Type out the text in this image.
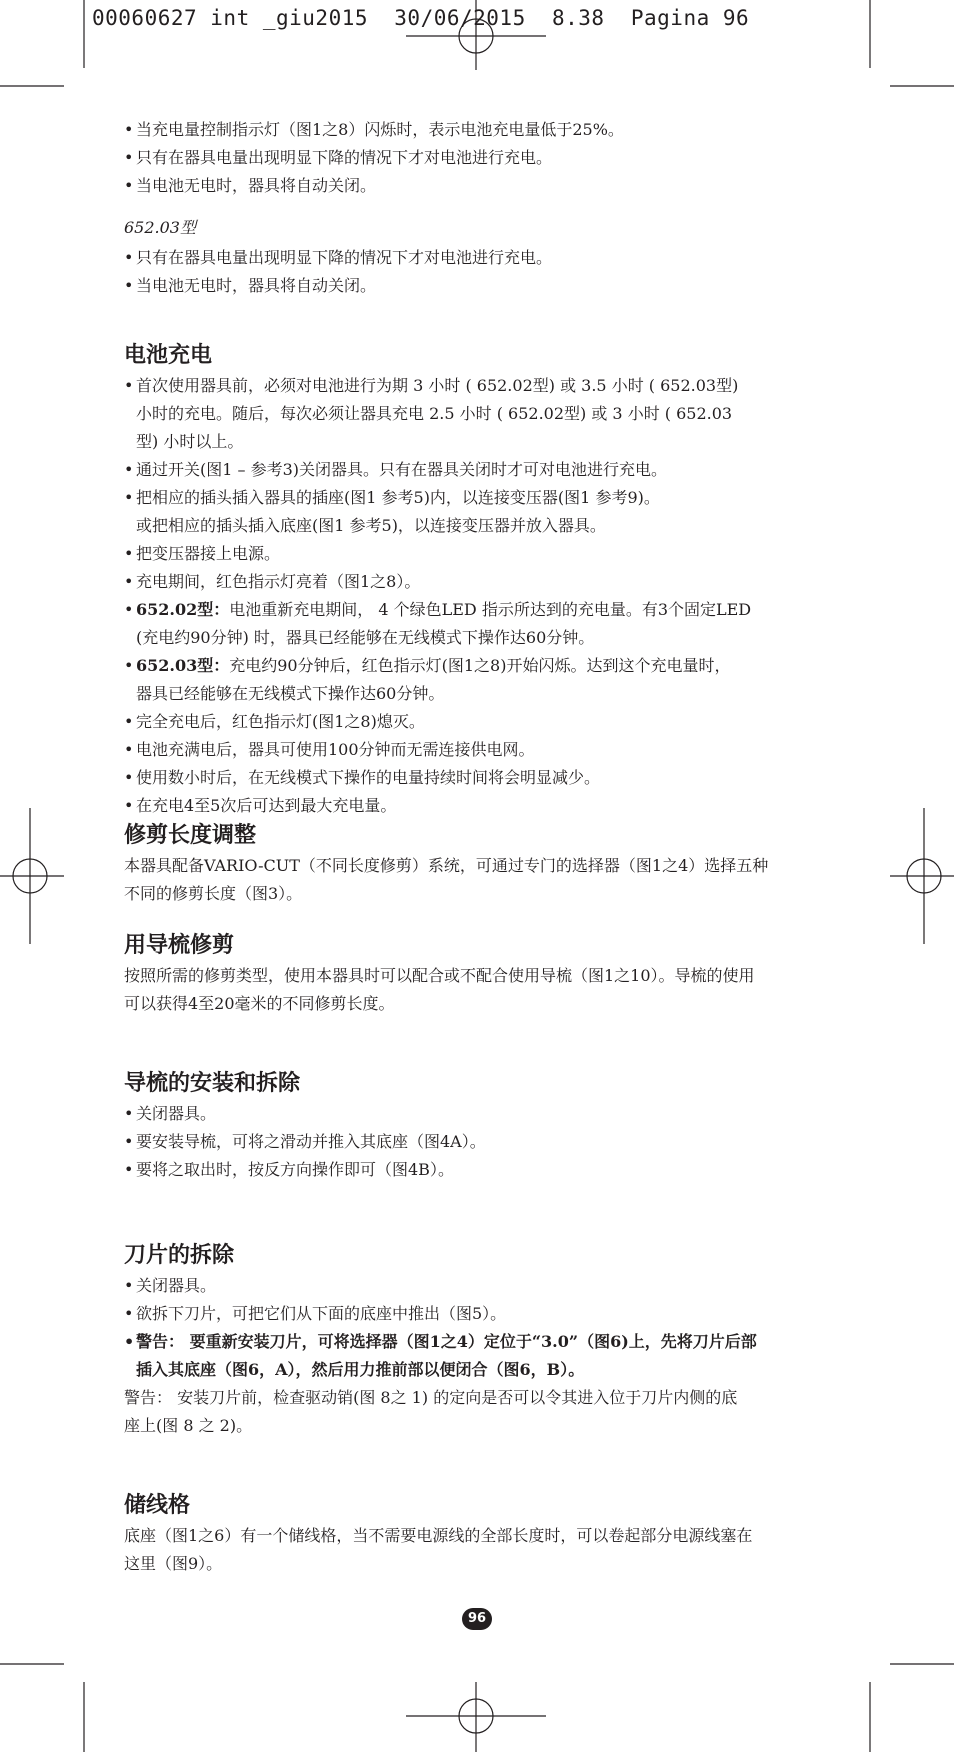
00060627 int _giu2015  30/06/2015  8.38  Pagina 96

• 当充电量控制指示灯（图1之8）闪烁时，表示电池充电量低于25%。

• 只有在器具电量出现明显下降的情况下才对电池进行充电。

• 当电池无电时，器具将自动关闭。

652.03型

• 只有在器具电量出现明显下降的情况下才对电池进行充电。

• 当电池无电时，器具将自动关闭。

电池充电

• 首次使用器具前，必须对电池进行为期 3 小时 ( 652.02型) 或 3.5 小时 ( 652.03型)

小时的充电。随后，每次必须让器具充电 2.5 小时 ( 652.02型) 或 3 小时 ( 652.03

型) 小时以上。

• 通过开关(图1 – 参考3)关闭器具。只有在器具关闭时才可对电池进行充电。

• 把相应的插头插入器具的插座(图1 参考5)内，以连接变压器(图1 参考9)。

或把相应的插头插入底座(图1 参考5)，以连接变压器并放入器具。

• 把变压器接上电源。

• 充电期间，红色指示灯亮着（图1之8）。

• 652.02型：电池重新充电期间， 4 个绿色LED 指示所达到的充电量。有3个固定LED

(充电约90分钟) 时，器具已经能够在无线模式下操作达60分钟。

• 652.03型：充电约90分钟后，红色指示灯(图1之8)开始闪烁。达到这个充电量时，

器具已经能够在无线模式下操作达60分钟。

• 完全充电后，红色指示灯(图1之8)熄灭。

• 电池充满电后，器具可使用100分钟而无需连接供电网。

• 使用数小时后，在无线模式下操作的电量持续时间将会明显减少。

• 在充电4至5次后可达到最大充电量。

修剪长度调整

本器具配备VARIO-CUT（不同长度修剪）系统，可通过专门的选择器（图1之4）选择五种

不同的修剪长度（图3）。

用导梳修剪

按照所需的修剪类型，使用本器具时可以配合或不配合使用导梳（图1之10）。导梳的使用

可以获得4至20毫米的不同修剪长度。

导梳的安装和拆除

• 关闭器具。

• 要安装导梳，可将之滑动并推入其底座（图4A）。

• 要将之取出时，按反方向操作即可（图4B）。

刀片的拆除

• 关闭器具。

• 欲拆下刀片，可把它们从下面的底座中推出（图5）。

• 警告： 要重新安装刀片，可将选择器（图1之4）定位于“3.0”（图6)上，先将刀片后部

插入其底座（图6，A），然后用力推前部以便闭合（图6，B）。

警告： 安装刀片前，检查驱动销(图 8之 1) 的定向是否可以令其进入位于刀片内侧的底

座上(图 8 之 2)。

储线格

底座（图1之6）有一个储线格，当不需要电源线的全部长度时，可以卷起部分电源线塞在

这里（图9）。

96
